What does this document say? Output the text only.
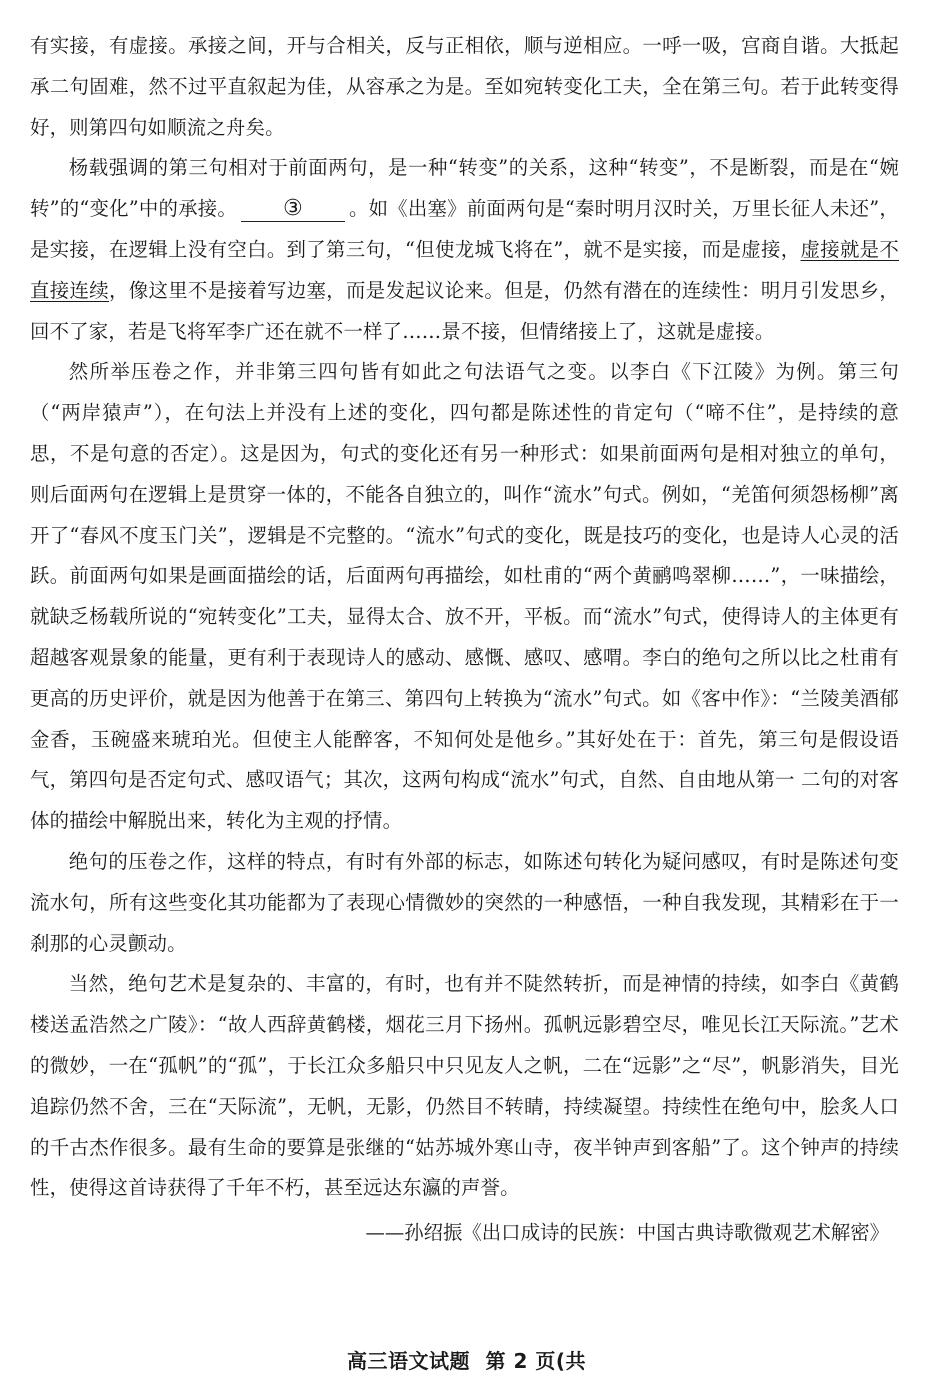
有实接，有虚接。承接之间，开与合相关，反与正相依，顺与逆相应。一呼一吸，宫商自谐。大抵起承二句固难，然不过平直叙起为佳，从容承之为是。至如宛转变化工夫，全在第三句。若于此转变得好，则第四句如顺流之舟矣。

杨载强调的第三句相对于前面两句，是一种“转变”的关系，这种“转变”，不是断裂，而是在“婉转”的“变化”中的承接。 ③ 。如《出塞》前面两句是“秦时明月汉时关，万里长征人未还”，是实接，在逻辑上没有空白。到了第三句，“但使龙城飞将在”，就不是实接，而是虚接，虚接就是不直接连续，像这里不是接着写边塞，而是发起议论来。但是，仍然有潜在的连续性：明月引发思乡，回不了家，若是飞将军李广还在就不一样了……景不接，但情绪接上了，这就是虚接。

然所举压卷之作，并非第三四句皆有如此之句法语气之变。以李白《下江陵》为例。第三句（“两岸猿声”），在句法上并没有上述的变化，四句都是陈述性的肯定句（“啼不住”，是持续的意思，不是句意的否定）。这是因为，句式的变化还有另一种形式：如果前面两句是相对独立的单句，则后面两句在逻辑上是贯穿一体的，不能各自独立的，叫作“流水”句式。例如，“羌笛何须怨杨柳”离开了“春风不度玉门关”，逻辑是不完整的。“流水”句式的变化，既是技巧的变化，也是诗人心灵的活跃。前面两句如果是画面描绘的话，后面两句再描绘，如杜甫的“两个黄鹂鸣翠柳……”，一味描绘，就缺乏杨载所说的“宛转变化”工夫，显得太合、放不开，平板。而“流水”句式，使得诗人的主体更有超越客观景象的能量，更有利于表现诗人的感动、感慨、感叹、感喟。李白的绝句之所以比之杜甫有更高的历史评价，就是因为他善于在第三、第四句上转换为“流水”句式。如《客中作》：“兰陵美酒郁金香，玉碗盛来琥珀光。但使主人能醉客，不知何处是他乡。”其好处在于：首先，第三句是假设语气，第四句是否定句式、感叹语气；其次，这两句构成“流水”句式，自然、自由地从第一 二句的对客体的描绘中解脱出来，转化为主观的抒情。

绝句的压卷之作，这样的特点，有时有外部的标志，如陈述句转化为疑问感叹，有时是陈述句变流水句，所有这些变化其功能都为了表现心情微妙的突然的一种感悟，一种自我发现，其精彩在于一刹那的心灵颤动。

当然，绝句艺术是复杂的、丰富的，有时，也有并不陡然转折，而是神情的持续，如李白《黄鹤楼送孟浩然之广陵》：“故人西辞黄鹤楼，烟花三月下扬州。孤帆远影碧空尽，唯见长江天际流。”艺术的微妙，一在“孤帆”的“孤”，于长江众多船只中只见友人之帆，二在“远影”之“尽”，帆影消失，目光追踪仍然不舍，三在“天际流”，无帆，无影，仍然目不转睛，持续凝望。持续性在绝句中，脍炙人口的千古杰作很多。最有生命的要算是张继的“姑苏城外寒山寺，夜半钟声到客船”了。这个钟声的持续性，使得这首诗获得了千年不朽，甚至远达东瀛的声誉。

——孙绍振《出口成诗的民族：中国古典诗歌微观艺术解密》

高三语文试题 第 2 页(共
